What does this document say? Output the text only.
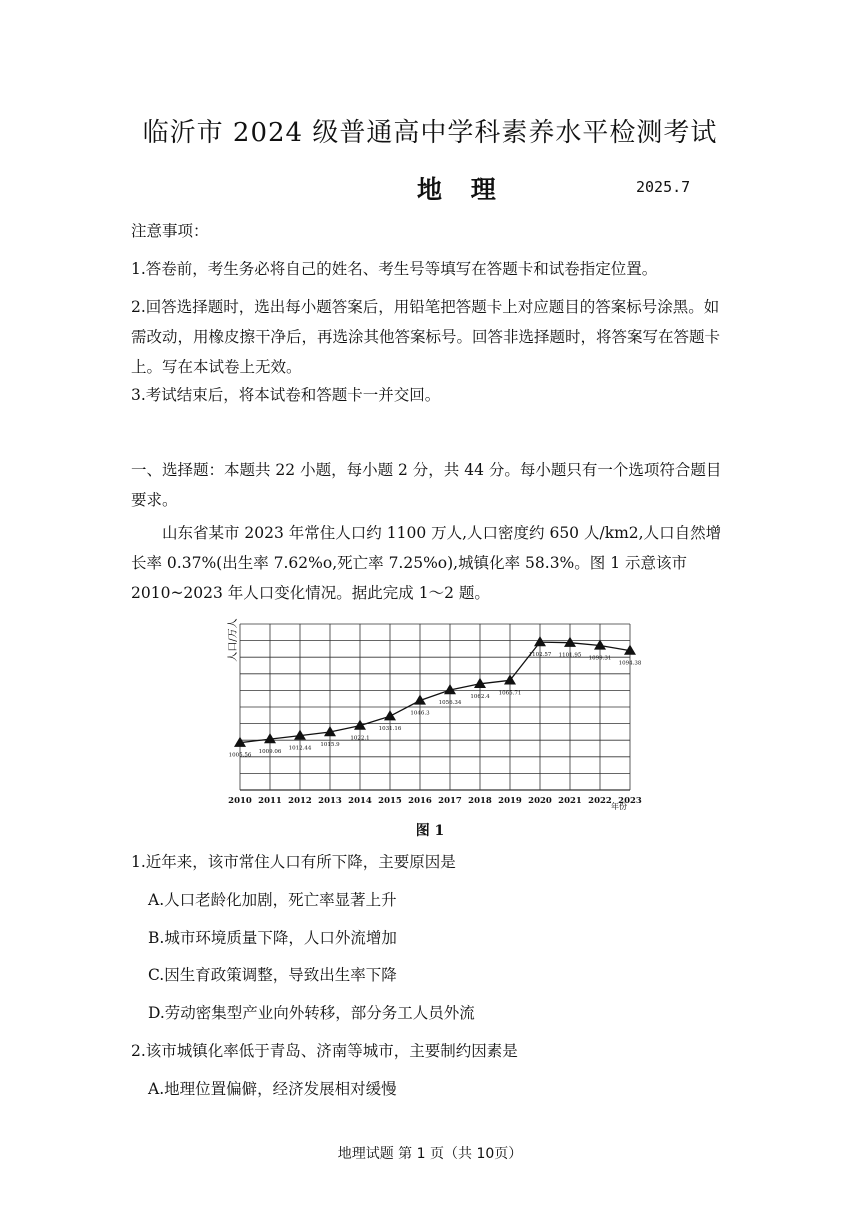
临沂市 2024 级普通高中学科素养水平检测考试
地 理	2025.7
注意事项：
1.答卷前，考生务必将自己的姓名、考生号等填写在答题卡和试卷指定位置。
2.回答选择题时，选出每小题答案后，用铅笔把答题卡上对应题目的答案标号涂黑。如需改动，用橡皮擦干净后，再选涂其他答案标号。回答非选择题时，将答案写在答题卡上。写在本试卷上无效。
3.考试结束后，将本试卷和答题卡一并交回。
一、选择题：本题共 22 小题，每小题 2 分，共 44 分。每小题只有一个选项符合题目要求。
山东省某市 2023 年常住人口约 1100 万人,人口密度约 650 人/km2,人口自然增长率 0.37%(出生率 7.62%o,死亡率 7.25%o),城镇化率 58.3%。图 1 示意该市 2010~2023 年人口变化情况。据此完成 1～2 题。
1005.56
1009.06
1012.44
1015.9
1022.1
1031.16
1046.3
1056.34
1062.4
1065.71
1102.57 1101.95 1099.31
1094.38
2010 2011 2012 2013 2014 2015 2016 2017 2018 2019 2020 2021 2022 2023
人口/万人
年份
图 1
1.近年来，该市常住人口有所下降，主要原因是
A.人口老龄化加剧，死亡率显著上升
B.城市环境质量下降，人口外流增加
C.因生育政策调整，导致出生率下降
D.劳动密集型产业向外转移，部分务工人员外流
2.该市城镇化率低于青岛、济南等城市，主要制约因素是
A.地理位置偏僻，经济发展相对缓慢
地理试题 第 1 页（共 10页）
